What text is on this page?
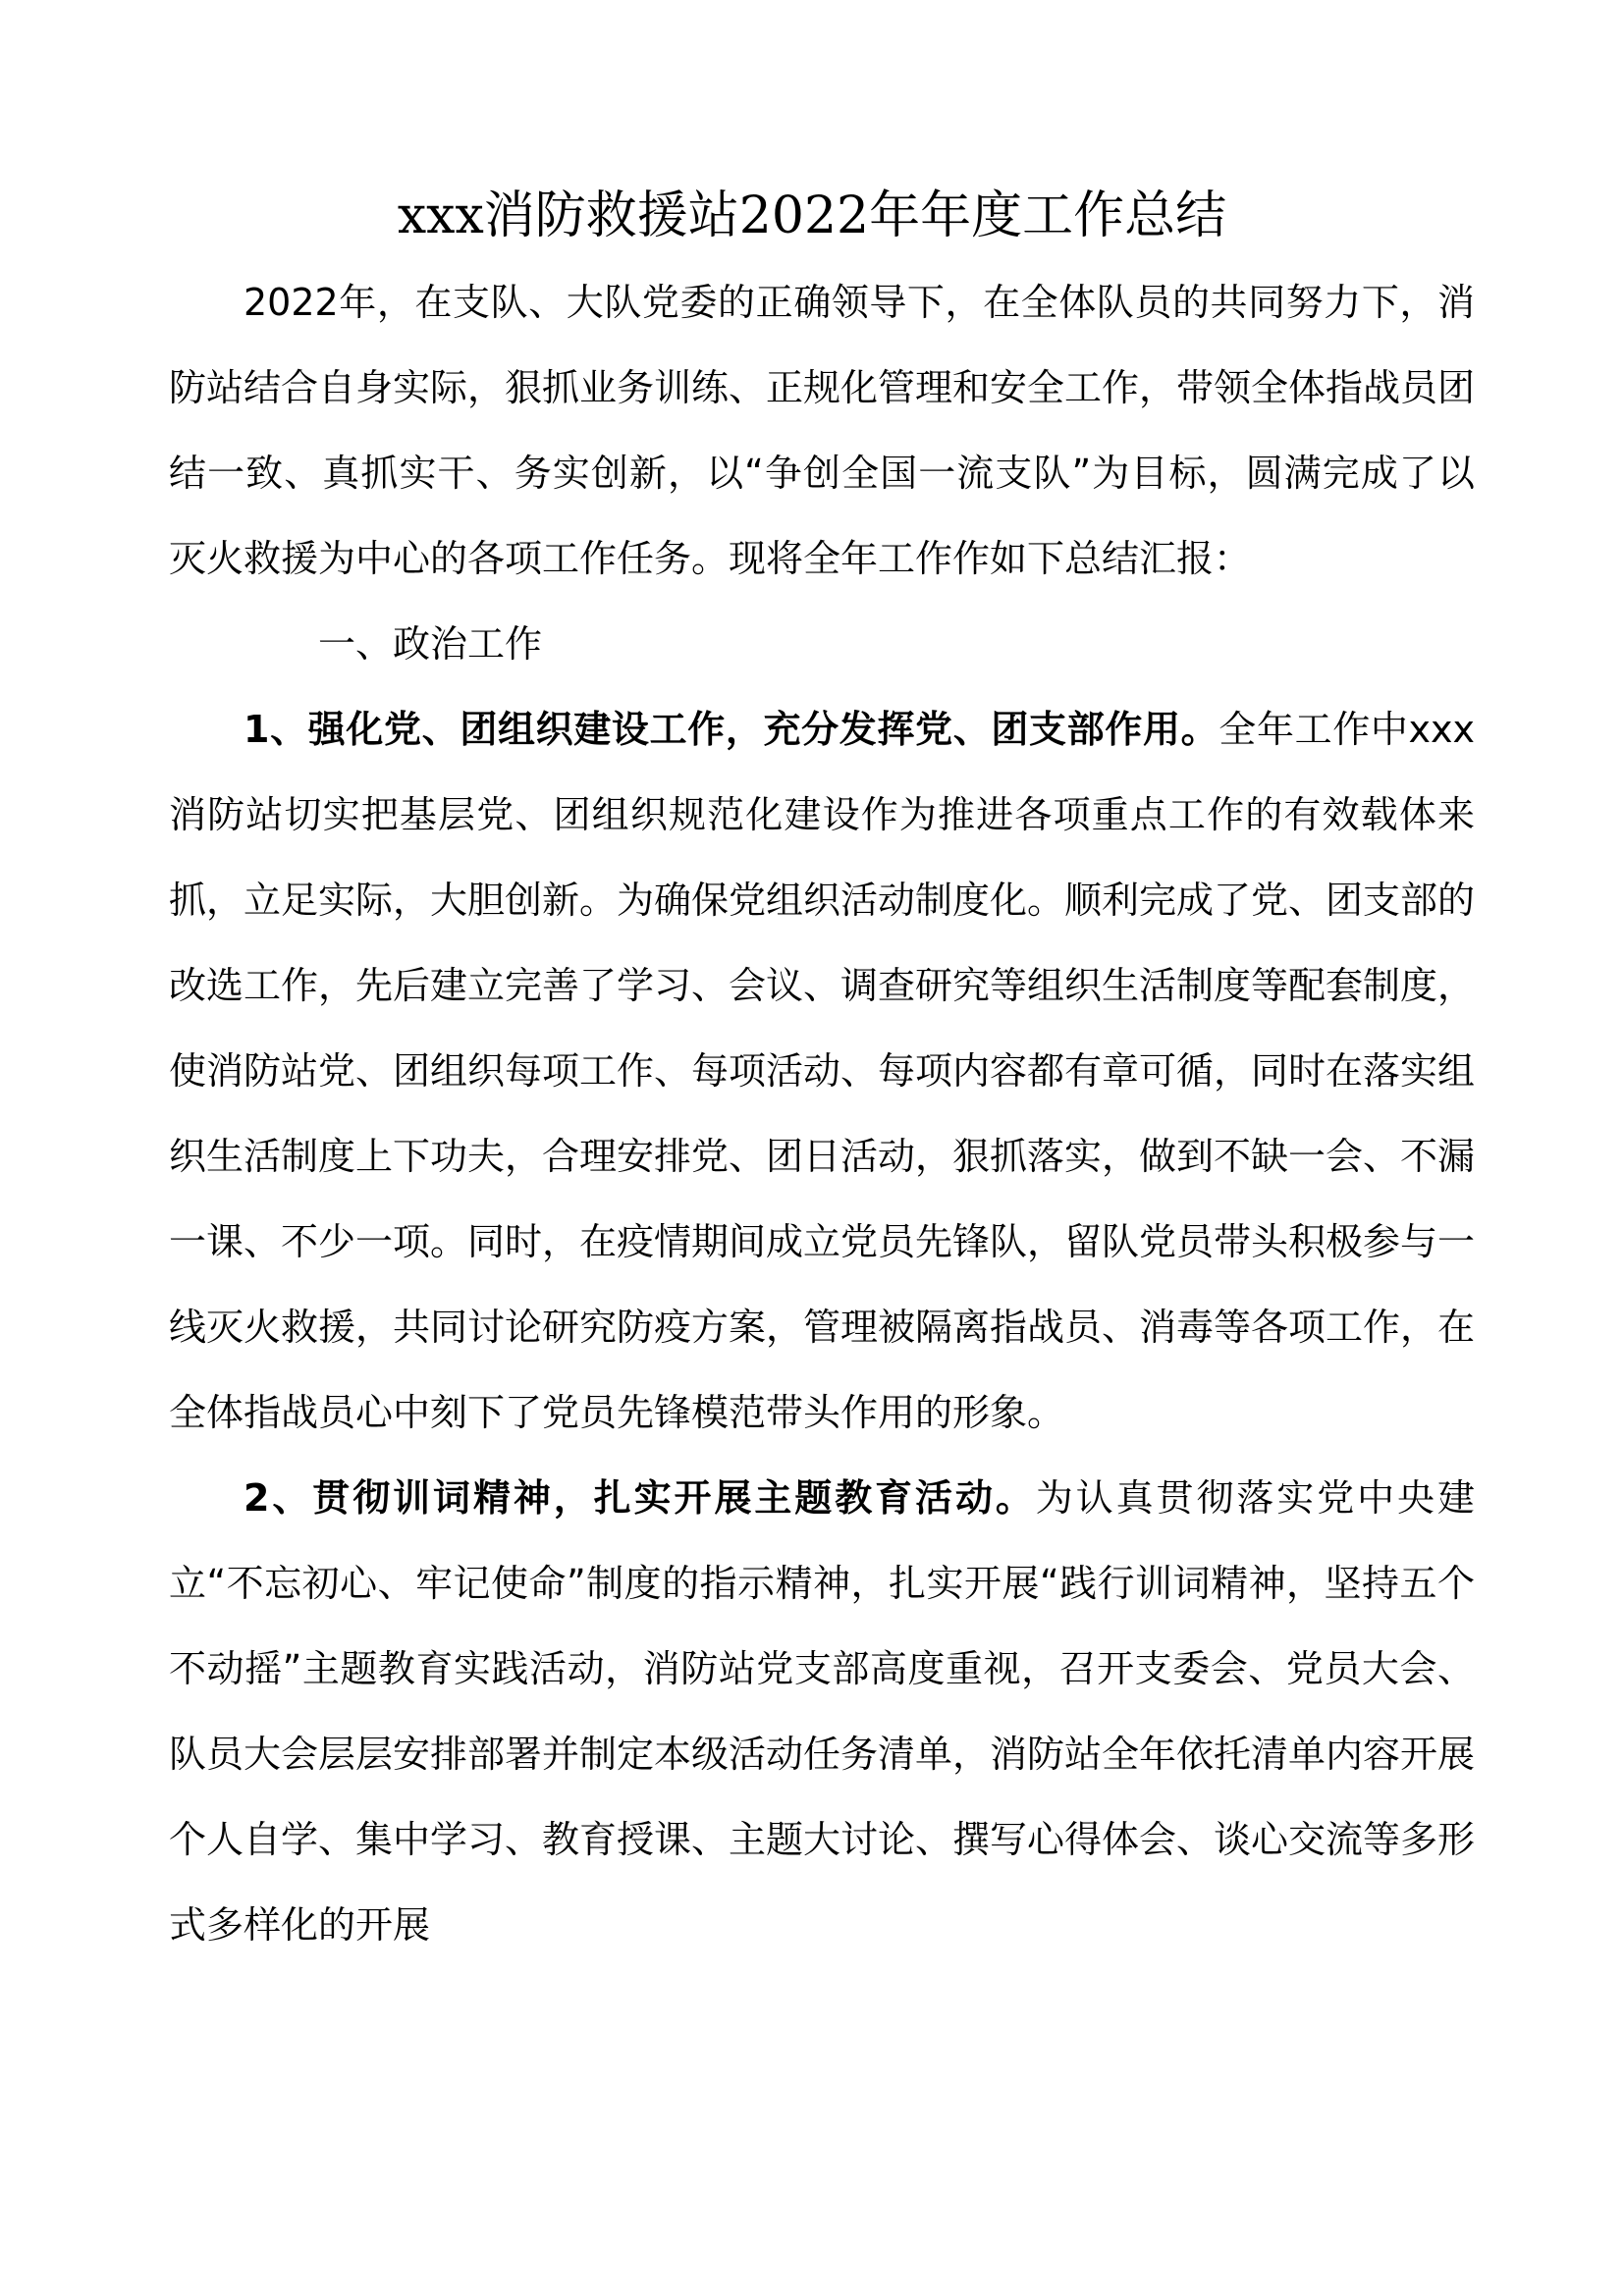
xxx消防救援站2022年年度工作总结

2022年，在支队、大队党委的正确领导下，在全体队员的共同努力下，消防站结合自身实际，狠抓业务训练、正规化管理和安全工作，带领全体指战员团结一致、真抓实干、务实创新，以“争创全国一流支队”为目标，圆满完成了以灭火救援为中心的各项工作任务。现将全年工作作如下总结汇报：

一、政治工作

1、强化党、团组织建设工作，充分发挥党、团支部作用。全年工作中xxx消防站切实把基层党、团组织规范化建设作为推进各项重点工作的有效载体来抓，立足实际，大胆创新。为确保党组织活动制度化。顺利完成了党、团支部的改选工作，先后建立完善了学习、会议、调查研究等组织生活制度等配套制度，使消防站党、团组织每项工作、每项活动、每项内容都有章可循，同时在落实组织生活制度上下功夫，合理安排党、团日活动，狠抓落实，做到不缺一会、不漏一课、不少一项。同时，在疫情期间成立党员先锋队，留队党员带头积极参与一线灭火救援，共同讨论研究防疫方案，管理被隔离指战员、消毒等各项工作，在全体指战员心中刻下了党员先锋模范带头作用的形象。

2、贯彻训词精神，扎实开展主题教育活动。为认真贯彻落实党中央建立“不忘初心、牢记使命”制度的指示精神，扎实开展“践行训词精神，坚持五个不动摇”主题教育实践活动，消防站党支部高度重视，召开支委会、党员大会、队员大会层层安排部署并制定本级活动任务清单，消防站全年依托清单内容开展个人自学、集中学习、教育授课、主题大讨论、撰写心得体会、谈心交流等多形式多样化的开展
